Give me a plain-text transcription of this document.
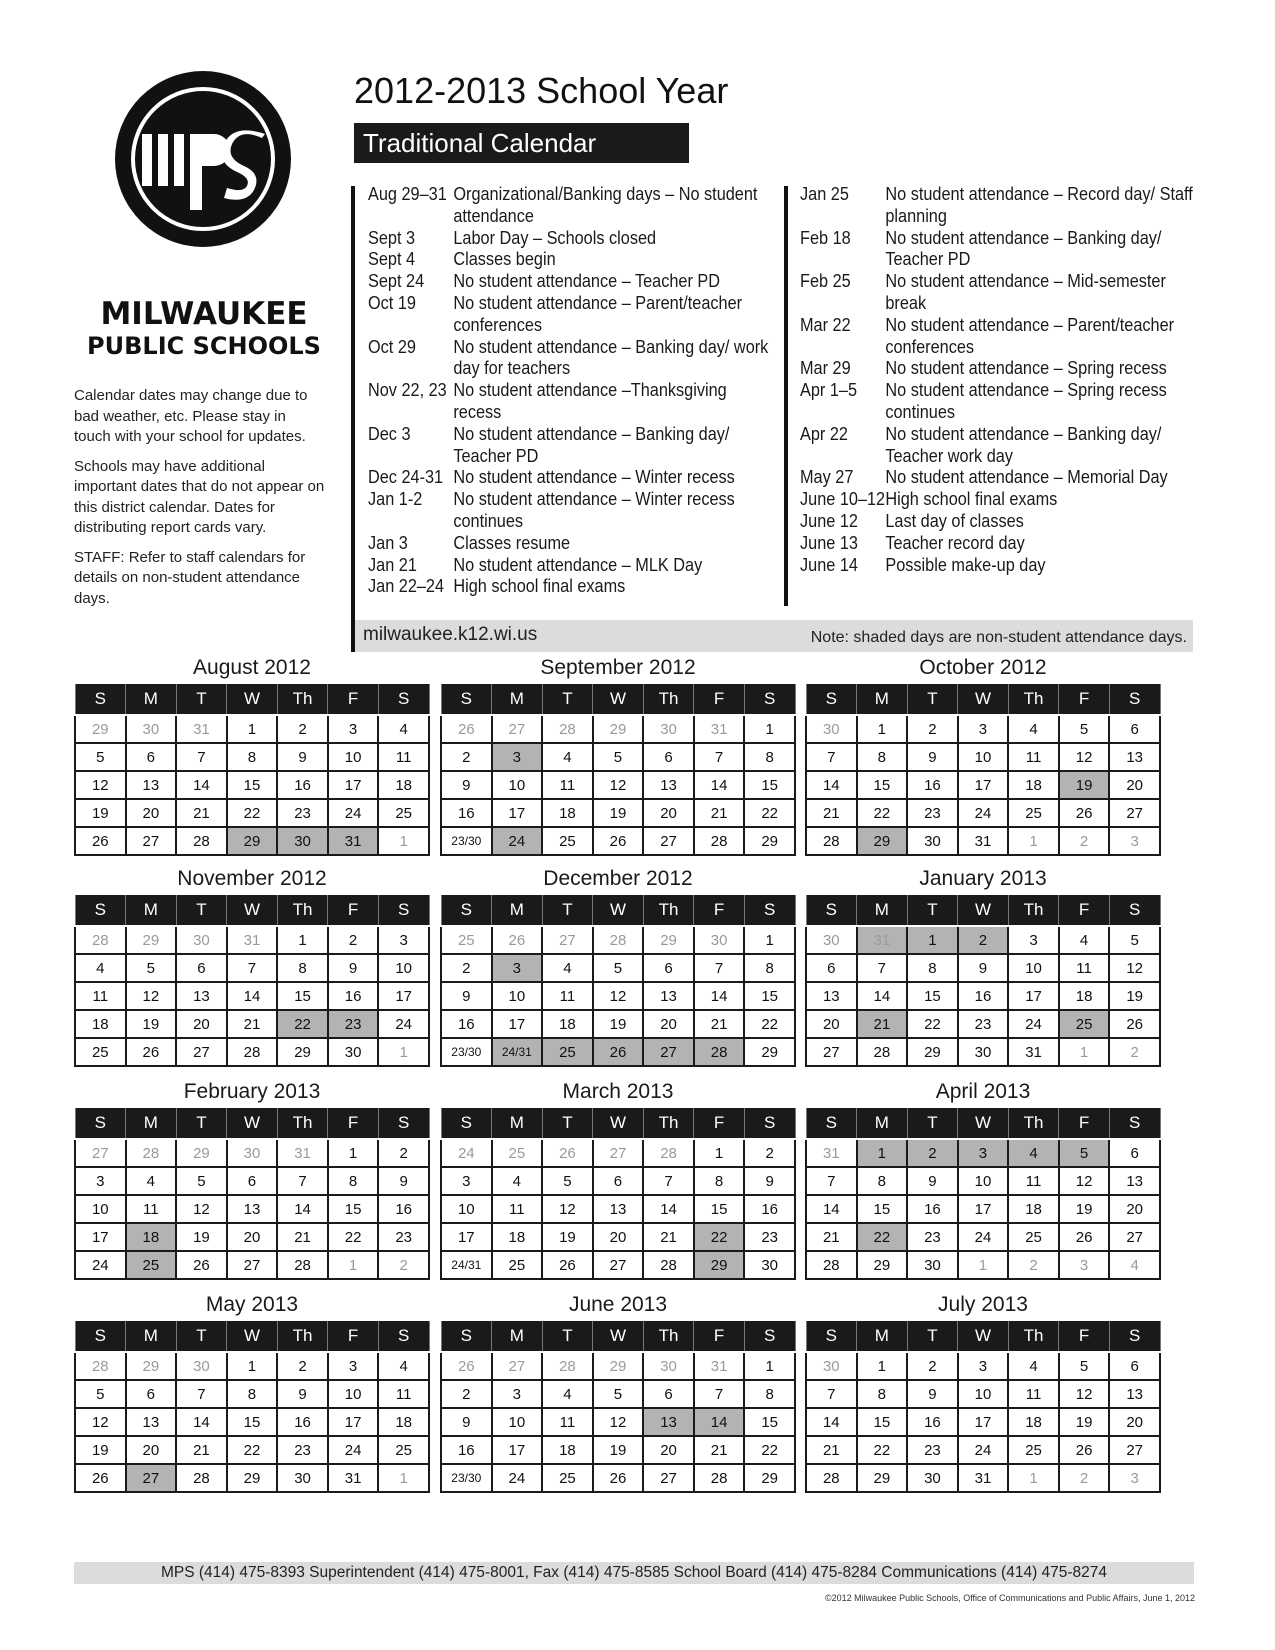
MILWAUKEE
PUBLIC SCHOOLS

Calendar dates may change due to bad weather, etc. Please stay in touch with your school for updates.

Schools may have additional important dates that do not appear on this district calendar. Dates for distributing report cards vary.

STAFF: Refer to staff calendars for details on non-student attendance days.

2012-2013 School Year
Traditional Calendar
Aug 29–31 Organizational/Banking days – No student attendance
Sept 3	Labor Day – Schools closed
Sept 4	Classes begin
Sept 24	No student attendance – Teacher PD
Oct 19	No student attendance – Parent/teacher conferences
Oct 29	No student attendance – Banking day/ work day for teachers
Nov 22, 23 No student attendance –Thanksgiving recess
Dec 3	No student attendance – Banking day/ Teacher PD
Dec 24-31 No student attendance – Winter recess
Jan 1-2	No student attendance – Winter recess continues
Jan 3	Classes resume
Jan 21	No student attendance – MLK Day
Jan 22–24 High school final exams
Jan 25	No student attendance – Record day/ Staff planning
Feb 18	No student attendance – Banking day/ Teacher PD
Feb 25	No student attendance – Mid-semester break
Mar 22	No student attendance – Parent/teacher conferences
Mar 29	No student attendance – Spring recess
Apr 1–5	No student attendance – Spring recess continues
Apr 22	No student attendance – Banking day/ Teacher work day
May 27	No student attendance – Memorial Day
June 10–12 High school final exams
June 12	Last day of classes
June 13	Teacher record day
June 14	Possible make-up day
milwaukee.k12.wi.us	Note: shaded days are non-student attendance days.
August 2012
S	M	T	W	Th	F	S
29	30	31	1	2	3	4
5	6	7	8	9	10	11
12	13	14	15	16	17	18
19	20	21	22	23	24	25
26	27	28	29	30	31	1
September 2012
S	M	T	W	Th	F	S
26	27	28	29	30	31	1
2	3	4	5	6	7	8
9	10	11	12	13	14	15
16	17	18	19	20	21	22
23/30	24	25	26	27	28	29
October 2012
S	M	T	W	Th	F	S
30	1	2	3	4	5	6
7	8	9	10	11	12	13
14	15	16	17	18	19	20
21	22	23	24	25	26	27
28	29	30	31	1	2	3
November 2012
S	M	T	W	Th	F	S
28	29	30	31	1	2	3
4	5	6	7	8	9	10
11	12	13	14	15	16	17
18	19	20	21	22	23	24
25	26	27	28	29	30	1
December 2012
S	M	T	W	Th	F	S
25	26	27	28	29	30	1
2	3	4	5	6	7	8
9	10	11	12	13	14	15
16	17	18	19	20	21	22
23/30	24/31	25	26	27	28	29
January 2013
S	M	T	W	Th	F	S
30	31	1	2	3	4	5
6	7	8	9	10	11	12
13	14	15	16	17	18	19
20	21	22	23	24	25	26
27	28	29	30	31	1	2
February 2013
S	M	T	W	Th	F	S
27	28	29	30	31	1	2
3	4	5	6	7	8	9
10	11	12	13	14	15	16
17	18	19	20	21	22	23
24	25	26	27	28	1	2
March 2013
S	M	T	W	Th	F	S
24	25	26	27	28	1	2
3	4	5	6	7	8	9
10	11	12	13	14	15	16
17	18	19	20	21	22	23
24/31	25	26	27	28	29	30
April 2013
S	M	T	W	Th	F	S
31	1	2	3	4	5	6
7	8	9	10	11	12	13
14	15	16	17	18	19	20
21	22	23	24	25	26	27
28	29	30	1	2	3	4
May 2013
S	M	T	W	Th	F	S
28	29	30	1	2	3	4
5	6	7	8	9	10	11
12	13	14	15	16	17	18
19	20	21	22	23	24	25
26	27	28	29	30	31	1
June 2013
S	M	T	W	Th	F	S
26	27	28	29	30	31	1
2	3	4	5	6	7	8
9	10	11	12	13	14	15
16	17	18	19	20	21	22
23/30	24	25	26	27	28	29
July 2013
S	M	T	W	Th	F	S
30	1	2	3	4	5	6
7	8	9	10	11	12	13
14	15	16	17	18	19	20
21	22	23	24	25	26	27
28	29	30	31	1	2	3
MPS (414) 475-8393 Superintendent (414) 475-8001, Fax (414) 475-8585 School Board (414) 475-8284 Communications (414) 475-8274
©2012 Milwaukee Public Schools, Office of Communications and Public Affairs, June 1, 2012
